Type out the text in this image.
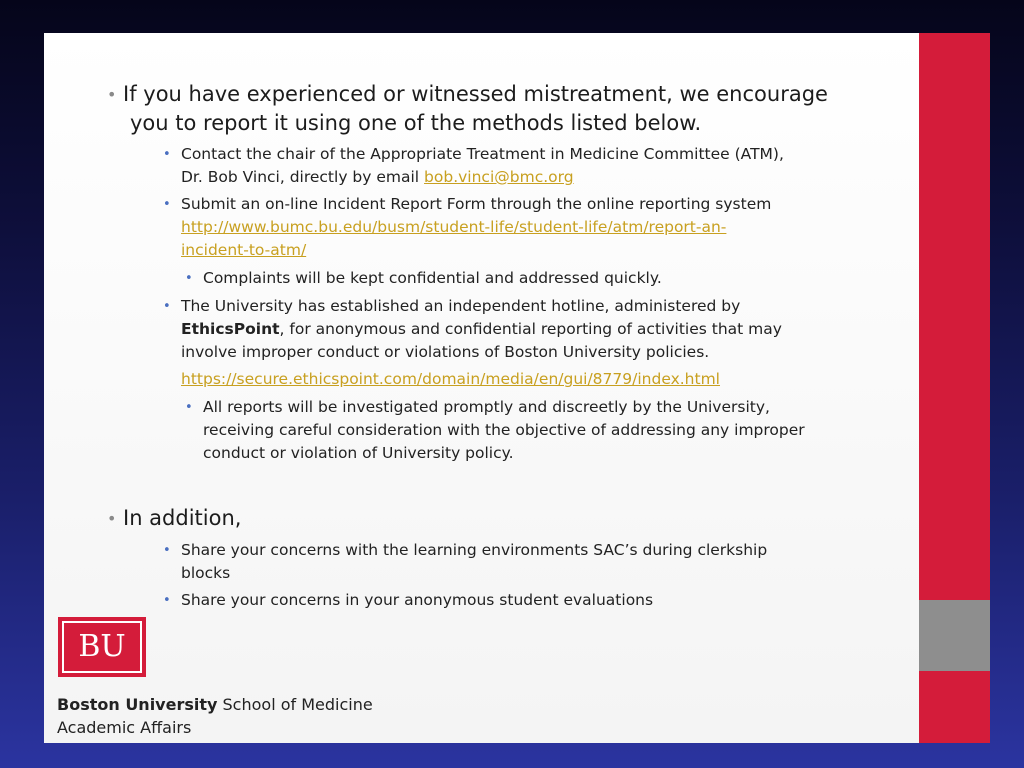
• If you have experienced or witnessed mistreatment, we encourage
you to report it using one of the methods listed below.
• Contact the chair of the Appropriate Treatment in Medicine Committee (ATM),
Dr. Bob Vinci, directly by email bob.vinci@bmc.org
• Submit an on-line Incident Report Form through the online reporting system
http://www.bumc.bu.edu/busm/student-life/student-life/atm/report-an-
incident-to-atm/
• Complaints will be kept confidential and addressed quickly.
• The University has established an independent hotline, administered by
EthicsPoint, for anonymous and confidential reporting of activities that may
involve improper conduct or violations of Boston University policies.
https://secure.ethicspoint.com/domain/media/en/gui/8779/index.html
• All reports will be investigated promptly and discreetly by the University,
receiving careful consideration with the objective of addressing any improper
conduct or violation of University policy.
• In addition,
• Share your concerns with the learning environments SAC’s during clerkship
blocks
• Share your concerns in your anonymous student evaluations
BU
Boston University School of Medicine
Academic Affairs
